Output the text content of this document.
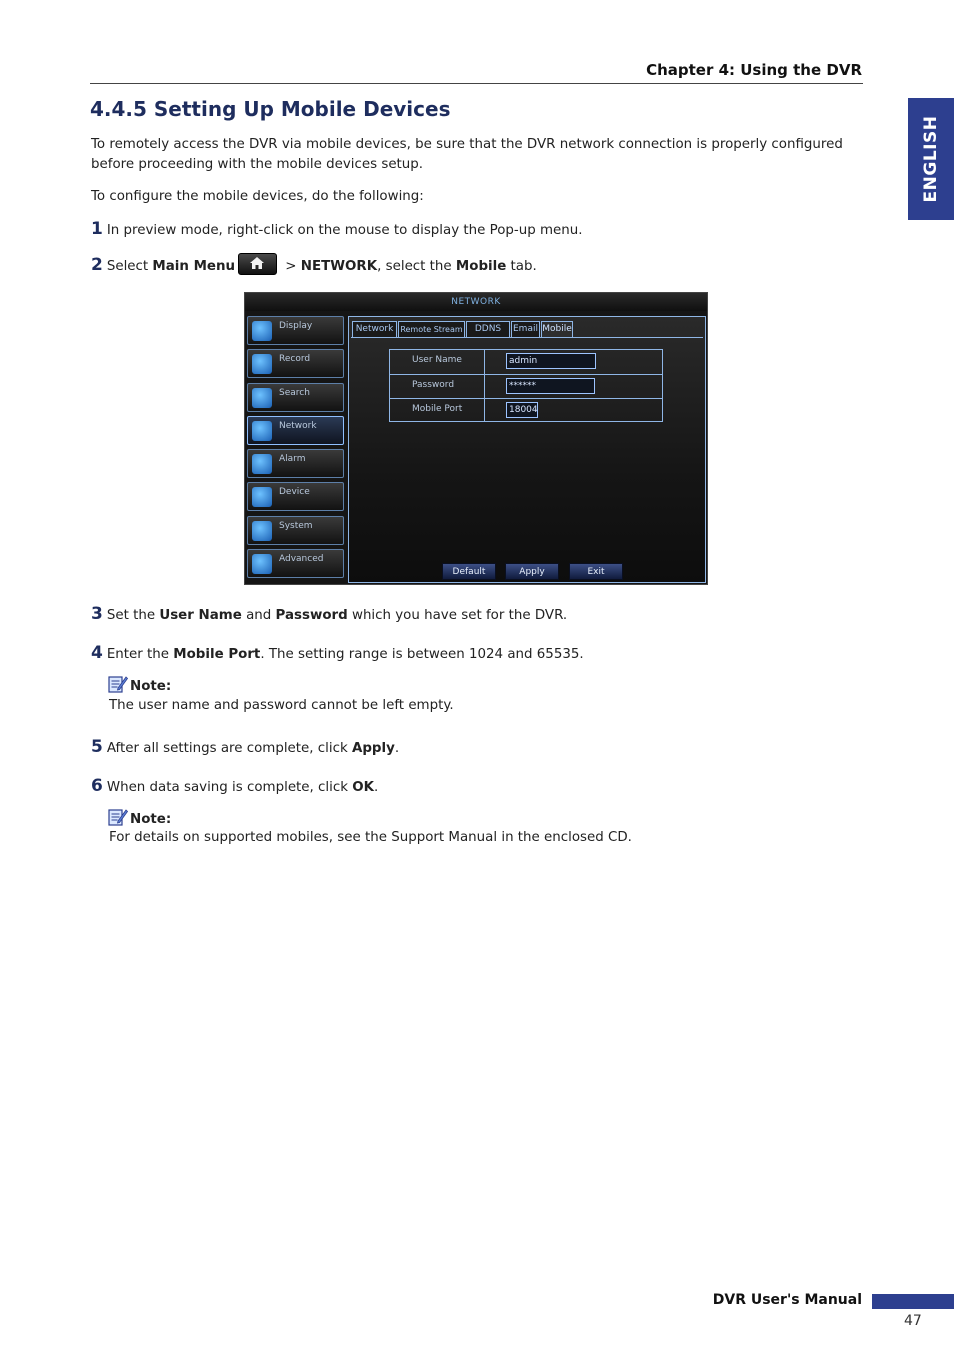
Chapter 4: Using the DVR
ENGLISH
4.4.5 Setting Up Mobile Devices
To remotely access the DVR via mobile devices, be sure that the DVR network connection is properly configured before proceeding with the mobile devices setup.
To configure the mobile devices, do the following:
1 In preview mode, right-click on the mouse to display the Pop-up menu.
2 Select Main Menu	> NETWORK, select the Mobile tab.
NETWORK
Display
Record
Search
Network
Alarm
Device
System
Advanced
Network Remote Stream	DDNS	Email Mobile
User Name	admin
Password	******
Mobile Port	18004
Default	Apply	Exit
3 Set the User Name and Password which you have set for the DVR.
4 Enter the Mobile Port. The setting range is between 1024 and 65535.
Note:
The user name and password cannot be left empty.
5 After all settings are complete, click Apply.
6 When data saving is complete, click OK.
Note:
For details on supported mobiles, see the Support Manual in the enclosed CD.
DVR User's Manual
47
